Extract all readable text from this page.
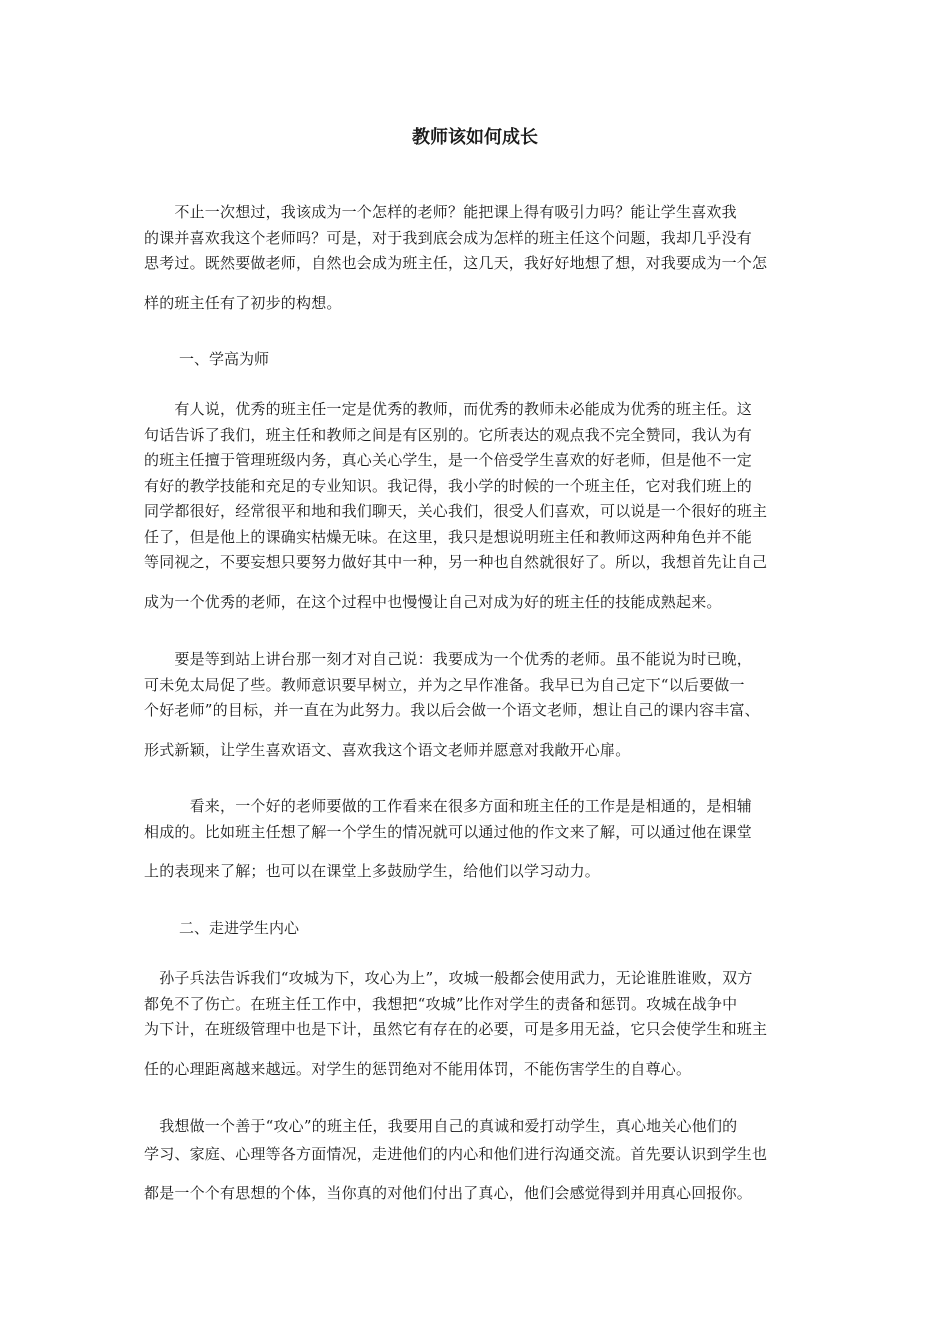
教师该如何成长
　　不止一次想过，我该成为一个怎样的老师？能把课上得有吸引力吗？能让学生喜欢我
的课并喜欢我这个老师吗？可是，对于我到底会成为怎样的班主任这个问题，我却几乎没有
思考过。既然要做老师，自然也会成为班主任，这几天，我好好地想了想，对我要成为一个怎
样的班主任有了初步的构想。
一、学高为师
　　有人说，优秀的班主任一定是优秀的教师，而优秀的教师未必能成为优秀的班主任。这
句话告诉了我们，班主任和教师之间是有区别的。它所表达的观点我不完全赞同，我认为有
的班主任擅于管理班级内务，真心关心学生，是一个倍受学生喜欢的好老师，但是他不一定
有好的教学技能和充足的专业知识。我记得，我小学的时候的一个班主任，它对我们班上的
同学都很好，经常很平和地和我们聊天，关心我们，很受人们喜欢，可以说是一个很好的班主
任了，但是他上的课确实枯燥无味。在这里，我只是想说明班主任和教师这两种角色并不能
等同视之，不要妄想只要努力做好其中一种，另一种也自然就很好了。所以，我想首先让自己
成为一个优秀的老师，在这个过程中也慢慢让自己对成为好的班主任的技能成熟起来。
　　要是等到站上讲台那一刻才对自己说：我要成为一个优秀的老师。虽不能说为时已晚，
可未免太局促了些。教师意识要早树立，并为之早作准备。我早已为自己定下“以后要做一
个好老师”的目标，并一直在为此努力。我以后会做一个语文老师，想让自己的课内容丰富、
形式新颖，让学生喜欢语文、喜欢我这个语文老师并愿意对我敞开心扉。
　　　看来，一个好的老师要做的工作看来在很多方面和班主任的工作是是相通的，是相辅
相成的。比如班主任想了解一个学生的情况就可以通过他的作文来了解，可以通过他在课堂
上的表现来了解；也可以在课堂上多鼓励学生，给他们以学习动力。
二、走进学生内心
　孙子兵法告诉我们“攻城为下，攻心为上”，攻城一般都会使用武力，无论谁胜谁败，双方
都免不了伤亡。在班主任工作中，我想把“攻城”比作对学生的责备和惩罚。攻城在战争中
为下计，在班级管理中也是下计，虽然它有存在的必要，可是多用无益，它只会使学生和班主
任的心理距离越来越远。对学生的惩罚绝对不能用体罚，不能伤害学生的自尊心。
　我想做一个善于“攻心”的班主任，我要用自己的真诚和爱打动学生，真心地关心他们的
学习、家庭、心理等各方面情况，走进他们的内心和他们进行沟通交流。首先要认识到学生也
都是一个个有思想的个体，当你真的对他们付出了真心，他们会感觉得到并用真心回报你。
